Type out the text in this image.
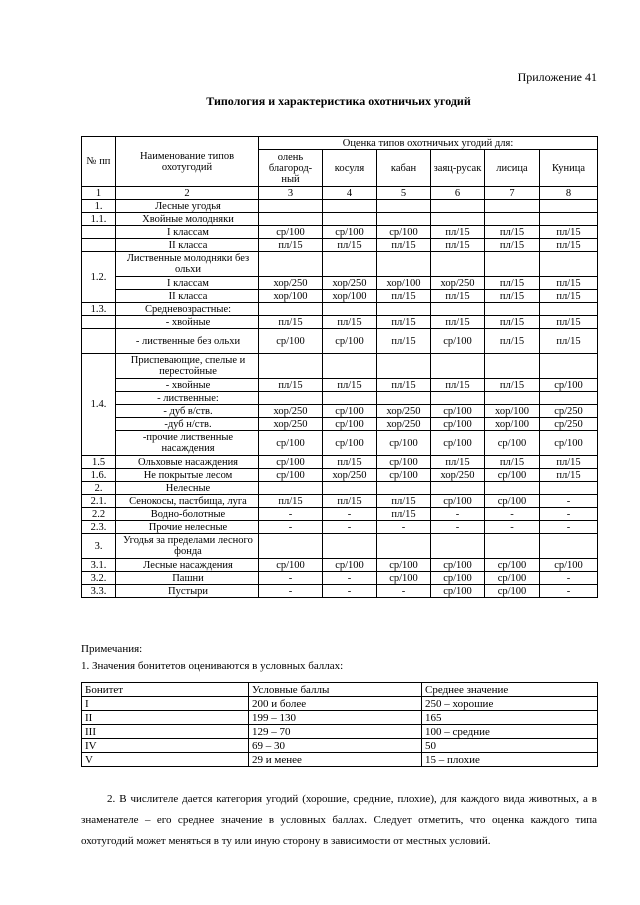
Приложение 41
Типология и характеристика охотничьих угодий
№ пп	Наименование типов охотугодий	Оценка типов охотничьих угодий для:					
		олень благород-ный	косуля	кабан	заяц-русак	лисица	Куница
1	2	3	4	5	6	7	8
1.	Лесные угодья						
1.1.	Хвойные молодняки						
	I классам	ср/100	ср/100	ср/100	пл/15	пл/15	пл/15
	II класса	пл/15	пл/15	пл/15	пл/15	пл/15	пл/15
1.2.	Лиственные молодняки без ольхи						
	I классам	хор/250	хор/250	хор/100	хор/250	пл/15	пл/15
	II класса	хор/100	хор/100	пл/15	пл/15	пл/15	пл/15
1.3.	Средневозрастные:						
	- хвойные	пл/15	пл/15	пл/15	пл/15	пл/15	пл/15
	- лиственные без ольхи	ср/100	ср/100	пл/15	ср/100	пл/15	пл/15
1.4.	Приспевающие, спелые и перестойные						
	- хвойные	пл/15	пл/15	пл/15	пл/15	пл/15	ср/100
	- лиственные:						
	- дуб в/ств.	хор/250	ср/100	хор/250	ср/100	хор/100	ср/250
	-дуб н/ств.	хор/250	ср/100	хор/250	ср/100	хор/100	ср/250
	-прочие лиственные насаждения	ср/100	ср/100	ср/100	ср/100	ср/100	ср/100
1.5	Ольховые насаждения	ср/100	пл/15	ср/100	пл/15	пл/15	пл/15
1.6.	Не покрытые лесом	ср/100	хор/250	ср/100	хор/250	ср/100	пл/15
2.	Нелесные						
2.1.	Сенокосы, пастбища, луга	пл/15	пл/15	пл/15	ср/100	ср/100	-
2.2	Водно-болотные	-	-	пл/15	-	-	-
2.3.	Прочие нелесные	-	-	-	-	-	-
3.	Угодья за пределами лесного фонда						
3.1.	Лесные насаждения	ср/100	ср/100	ср/100	ср/100	ср/100	ср/100
3.2.	Пашни	-	-	ср/100	ср/100	ср/100	-
3.3.	Пустыри	-	-	-	ср/100	ср/100	-
Примечания:
1. Значения бонитетов оцениваются в условных баллах:
Бонитет	Условные баллы	Среднее значение
I	200 и более	250 – хорошие
II	199 – 130	165
III	129 – 70	100 – средние
IV	69 – 30	50
V	29 и менее	15 – плохие
2. В числителе дается категория угодий (хорошие, средние, плохие), для каждого вида животных, а в знаменателе – его среднее значение в условных баллах. Следует отметить, что оценка каждого типа охотугодий может меняться в ту или иную сторону в зависимости от местных условий.
